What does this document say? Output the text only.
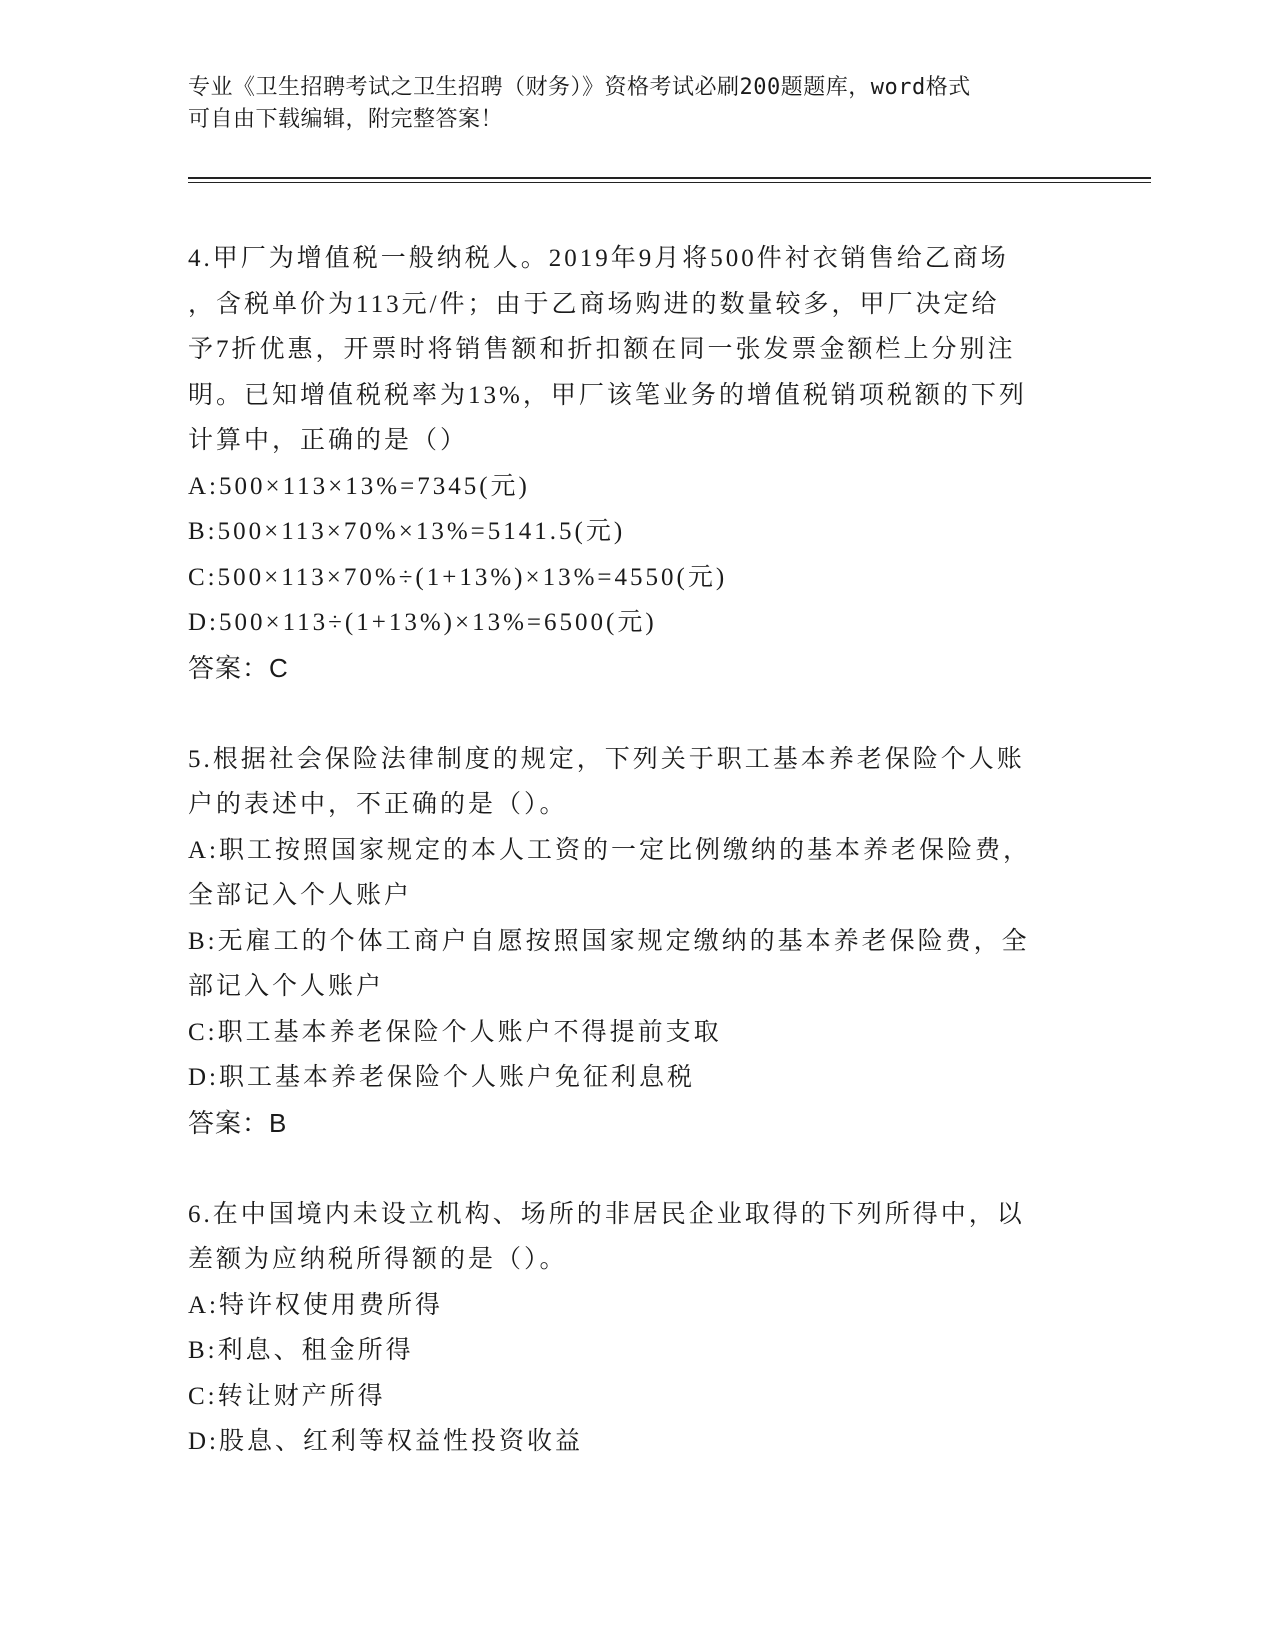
专业《卫生招聘考试之卫生招聘（财务）》资格考试必刷200题题库，word格式
可自由下载编辑，附完整答案！
4.甲厂为增值税一般纳税人。2019年9月将500件衬衣销售给乙商场
，含税单价为113元/件；由于乙商场购进的数量较多，甲厂决定给
予7折优惠，开票时将销售额和折扣额在同一张发票金额栏上分别注
明。已知增值税税率为13%，甲厂该笔业务的增值税销项税额的下列
计算中，正确的是（）
A:500×113×13%=7345(元)
B:500×113×70%×13%=5141.5(元)
C:500×113×70%÷(1+13%)×13%=4550(元)
D:500×113÷(1+13%)×13%=6500(元)
答案：C
5.根据社会保险法律制度的规定，下列关于职工基本养老保险个人账
户的表述中，不正确的是（）。
A:职工按照国家规定的本人工资的一定比例缴纳的基本养老保险费，
全部记入个人账户
B:无雇工的个体工商户自愿按照国家规定缴纳的基本养老保险费，全
部记入个人账户
C:职工基本养老保险个人账户不得提前支取
D:职工基本养老保险个人账户免征利息税
答案：B
6.在中国境内未设立机构、场所的非居民企业取得的下列所得中，以
差额为应纳税所得额的是（）。
A:特许权使用费所得
B:利息、租金所得
C:转让财产所得
D:股息、红利等权益性投资收益
